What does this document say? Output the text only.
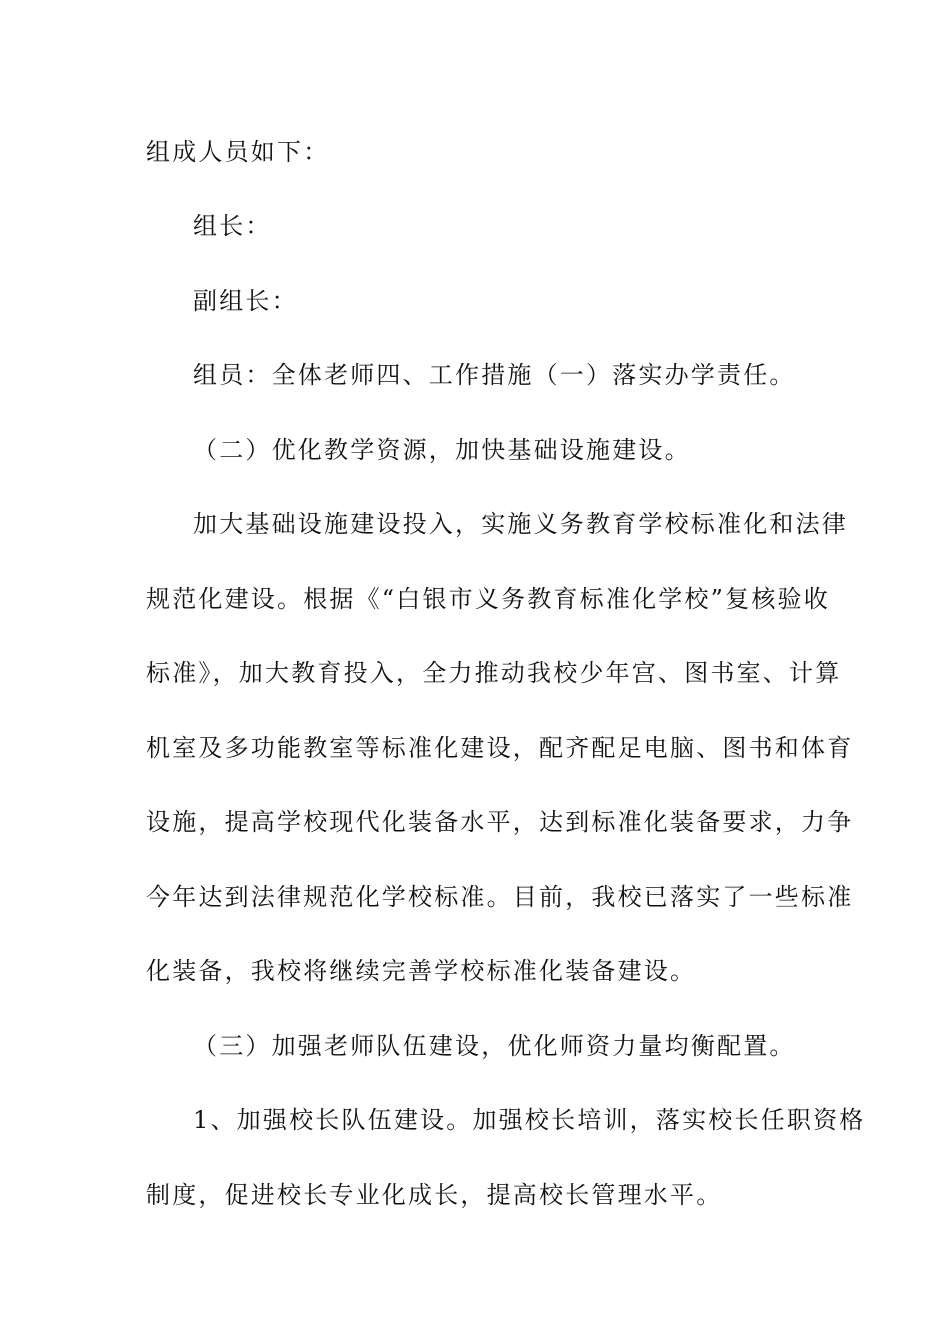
组成人员如下：
组长：
副组长：
组员：全体老师四、工作措施（一）落实办学责任。
（二）优化教学资源，加快基础设施建设。
加大基础设施建设投入，实施义务教育学校标准化和法律
规范化建设。根据《“白银市义务教育标准化学校”复核验收
标准》，加大教育投入，全力推动我校少年宫、图书室、计算
机室及多功能教室等标准化建设，配齐配足电脑、图书和体育
设施，提高学校现代化装备水平，达到标准化装备要求，力争
今年达到法律规范化学校标准。目前，我校已落实了一些标准
化装备，我校将继续完善学校标准化装备建设。
（三）加强老师队伍建设，优化师资力量均衡配置。
1、加强校长队伍建设。加强校长培训，落实校长任职资格
制度，促进校长专业化成长，提高校长管理水平。
